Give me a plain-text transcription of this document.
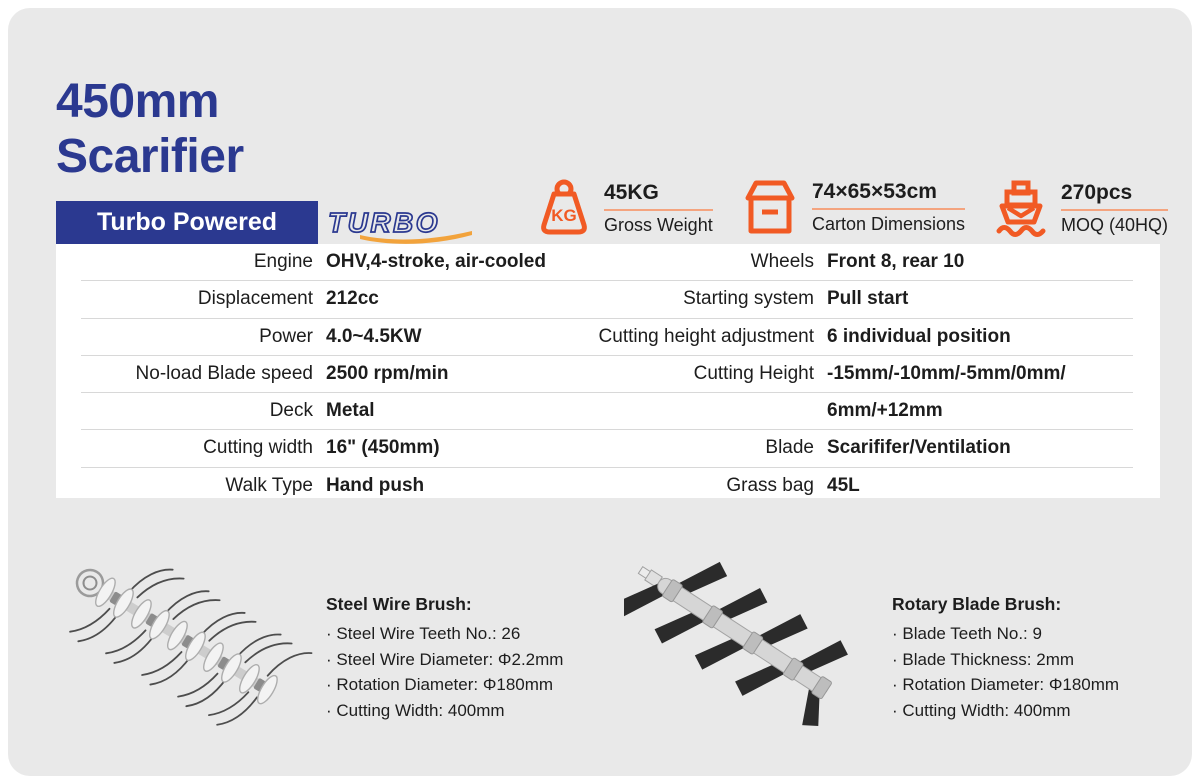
450mm
Scarifier
Turbo Powered TURBO	KG
45KG
Gross Weight
74×65×53cm
Carton Dimensions
270pcs
MOQ (40HQ)
Engine OHV,4-stroke, air-cooled	Wheels Front 8, rear 10
Displacement 212cc	Starting system Pull start
Power 4.0~4.5KW	Cutting height adjustment 6 individual position
No-load Blade speed 2500 rpm/min	Cutting Height -15mm/-10mm/-5mm/0mm/
Deck Metal	6mm/+12mm
Cutting width 16" (450mm)	Blade Scarififer/Ventilation
Walk Type Hand push	Grass bag 45L
Steel Wire Brush:
· Steel Wire Teeth No.: 26
· Steel Wire Diameter: Φ2.2mm
· Rotation Diameter: Φ180mm
· Cutting Width: 400mm
Rotary Blade Brush:
· Blade Teeth No.: 9
· Blade Thickness: 2mm
· Rotation Diameter: Φ180mm
· Cutting Width: 400mm
